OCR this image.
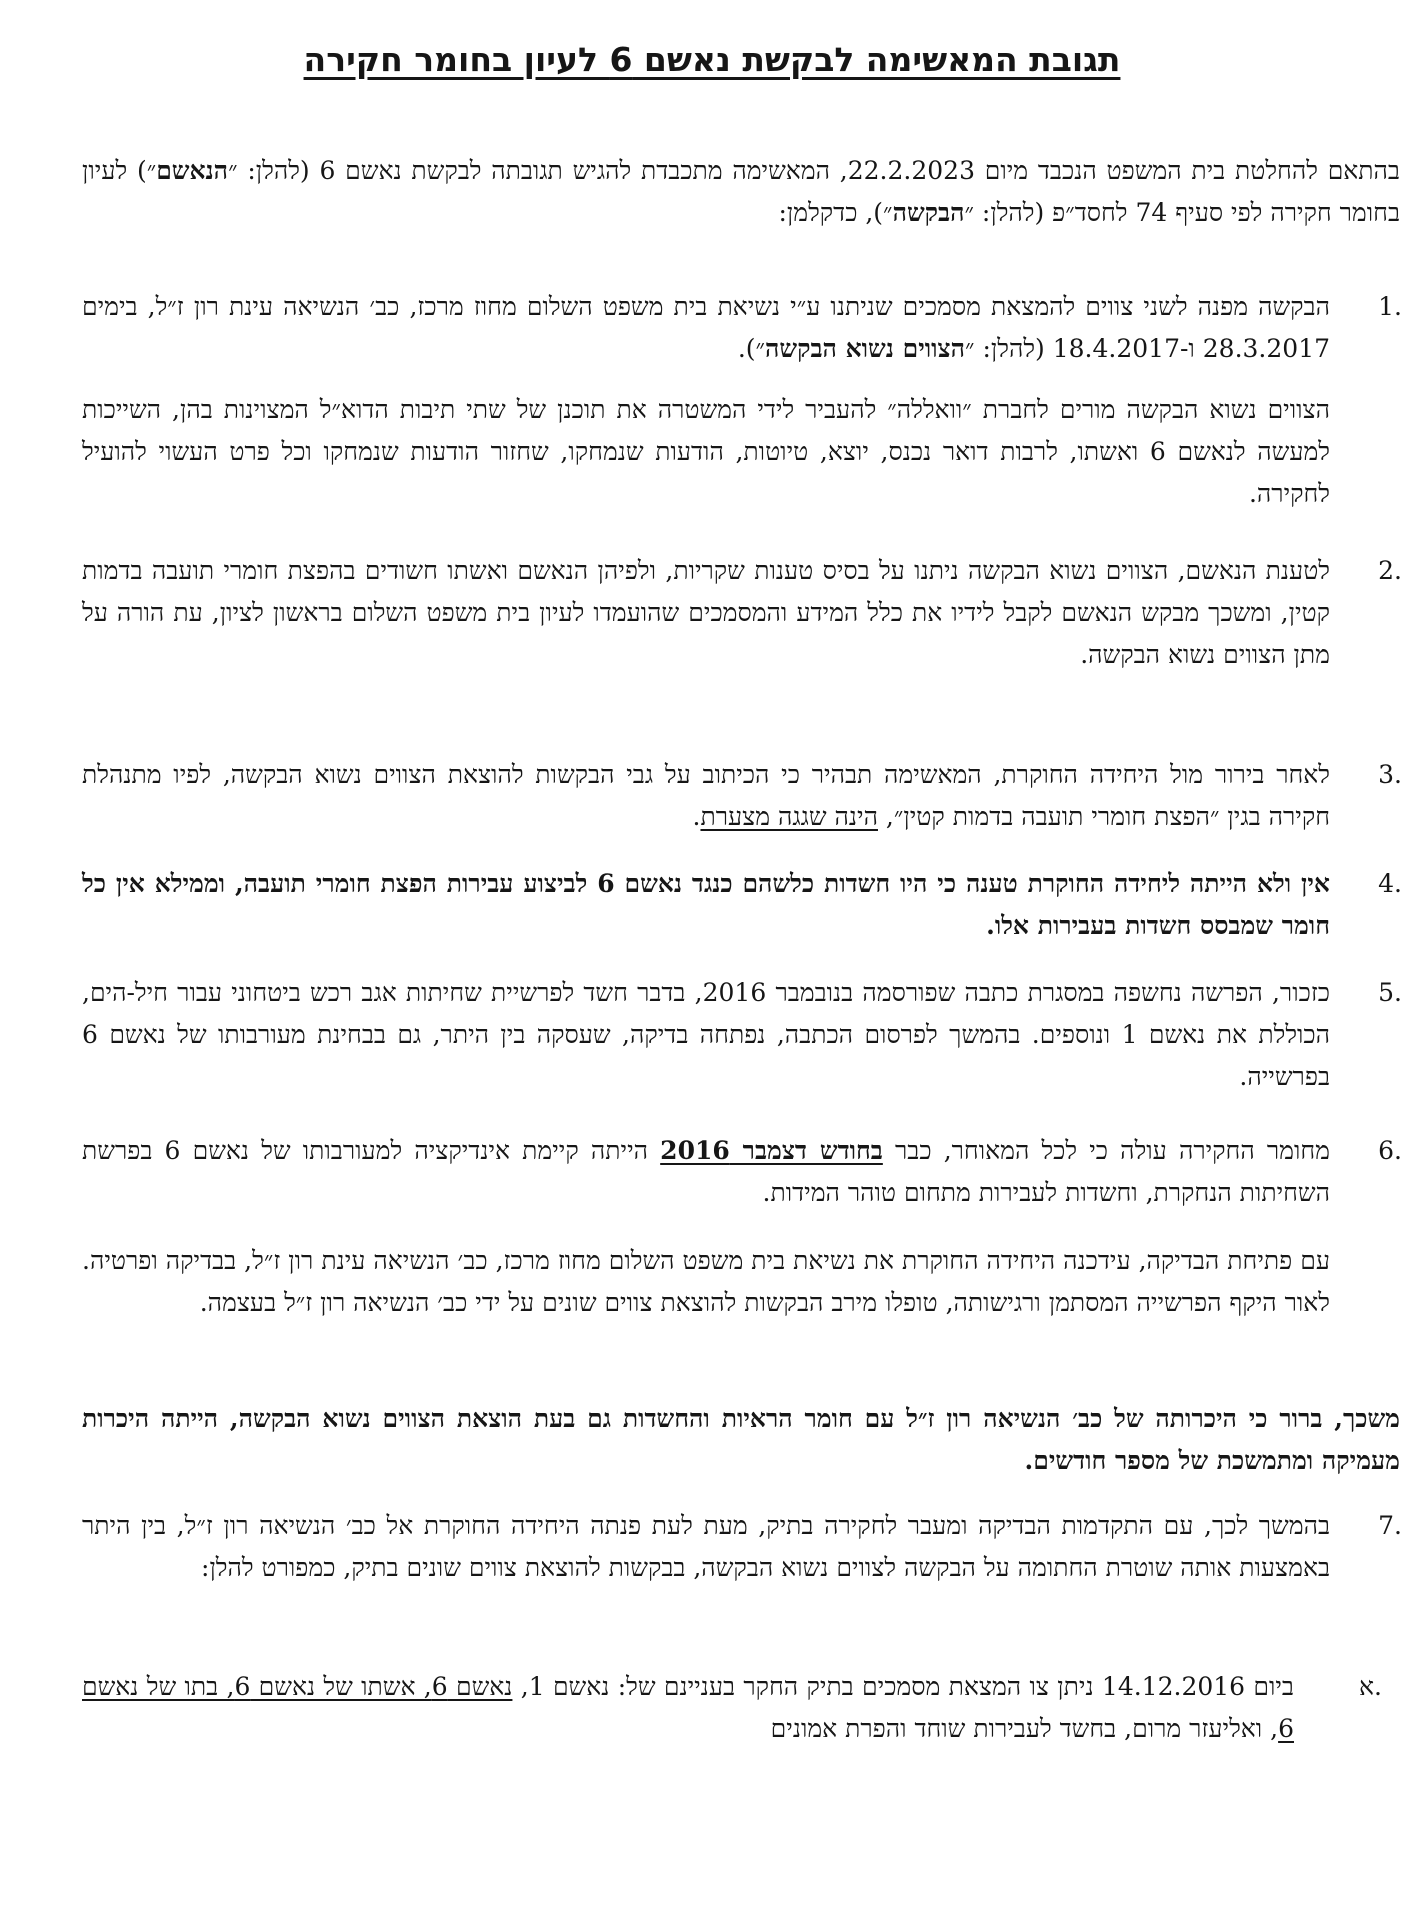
תגובת המאשימה לבקשת נאשם 6 לעיון בחומר חקירה

בהתאם להחלטת בית המשפט הנכבד מיום 22.2.2023, המאשימה מתכבדת להגיש תגובתה לבקשת נאשם 6 (להלן: ״הנאשם״) לעיון בחומר חקירה לפי סעיף 74 לחסד״פ (להלן: ״הבקשה״), כדקלמן:

1.

הבקשה מפנה לשני צווים להמצאת מסמכים שניתנו ע״י נשיאת בית משפט השלום מחוז מרכז, כב׳ הנשיאה עינת רון ז״ל, בימים 28.3.2017 ו-18.4.2017 (להלן: ״הצווים נשוא הבקשה״).

הצווים נשוא הבקשה מורים לחברת ״וואללה״ להעביר לידי המשטרה את תוכנן של שתי תיבות הדוא״ל המצוינות בהן, השייכות למעשה לנאשם 6 ואשתו, לרבות דואר נכנס, יוצא, טיוטות, הודעות שנמחקו, שחזור הודעות שנמחקו וכל פרט העשוי להועיל לחקירה.

2.

לטענת הנאשם, הצווים נשוא הבקשה ניתנו על בסיס טענות שקריות, ולפיהן הנאשם ואשתו חשודים בהפצת חומרי תועבה בדמות קטין, ומשכך מבקש הנאשם לקבל לידיו את כלל המידע והמסמכים שהועמדו לעיון בית משפט השלום בראשון לציון, עת הורה על מתן הצווים נשוא הבקשה.

3.

לאחר בירור מול היחידה החוקרת, המאשימה תבהיר כי הכיתוב על גבי הבקשות להוצאת הצווים נשוא הבקשה, לפיו מתנהלת חקירה בגין ״הפצת חומרי תועבה בדמות קטין״, הינה שגגה מצערת.

4.

אין ולא הייתה ליחידה החוקרת טענה כי היו חשדות כלשהם כנגד נאשם 6 לביצוע עבירות הפצת חומרי תועבה, וממילא אין כל חומר שמבסס חשדות בעבירות אלו.

5.

כזכור, הפרשה נחשפה במסגרת כתבה שפורסמה בנובמבר 2016, בדבר חשד לפרשיית שחיתות אגב רכש ביטחוני עבור חיל-הים, הכוללת את נאשם 1 ונוספים. בהמשך לפרסום הכתבה, נפתחה בדיקה, שעסקה בין היתר, גם בבחינת מעורבותו של נאשם 6 בפרשייה.

6.

מחומר החקירה עולה כי לכל המאוחר, כבר בחודש דצמבר 2016 הייתה קיימת אינדיקציה למעורבותו של נאשם 6 בפרשת השחיתות הנחקרת, וחשדות לעבירות מתחום טוהר המידות.

עם פתיחת הבדיקה, עידכנה היחידה החוקרת את נשיאת בית משפט השלום מחוז מרכז, כב׳ הנשיאה עינת רון ז״ל, בבדיקה ופרטיה. לאור היקף הפרשייה המסתמן ורגישותה, טופלו מירב הבקשות להוצאת צווים שונים על ידי כב׳ הנשיאה רון ז״ל בעצמה.

משכך, ברור כי היכרותה של כב׳ הנשיאה רון ז״ל עם חומר הראיות והחשדות גם בעת הוצאת הצווים נשוא הבקשה, הייתה היכרות מעמיקה ומתמשכת של מספר חודשים.

7.

בהמשך לכך, עם התקדמות הבדיקה ומעבר לחקירה בתיק, מעת לעת פנתה היחידה החוקרת אל כב׳ הנשיאה רון ז״ל, בין היתר באמצעות אותה שוטרת החתומה על הבקשה לצווים נשוא הבקשה, בבקשות להוצאת צווים שונים בתיק, כמפורט להלן:

א.

ביום 14.12.2016 ניתן צו המצאת מסמכים בתיק החקר בעניינם של: נאשם 1, נאשם 6, אשתו של נאשם 6, בתו של נאשם 6, ואליעזר מרום, בחשד לעבירות שוחד והפרת אמונים
